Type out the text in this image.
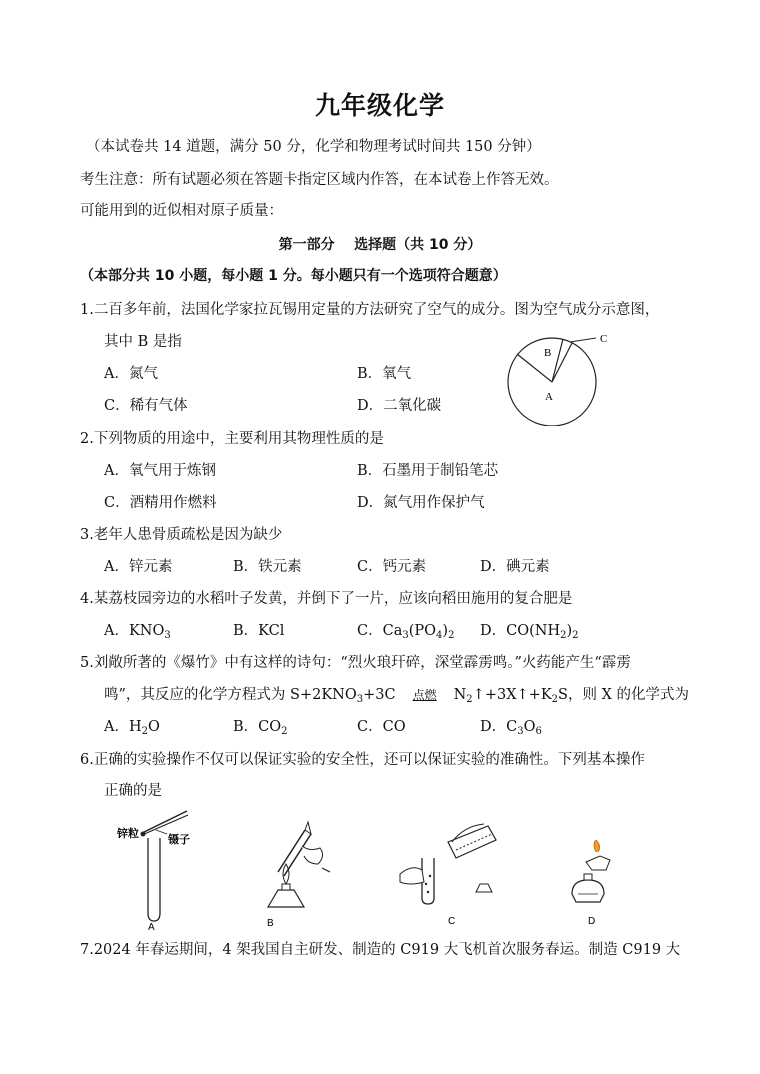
九年级化学
（本试卷共 14 道题，满分 50 分，化学和物理考试时间共 150 分钟）
考生注意：所有试题必须在答题卡指定区域内作答，在本试卷上作答无效。
可能用到的近似相对原子质量：
第一部分    选择题（共 10 分）
（本部分共 10 小题，每小题 1 分。每小题只有一个选项符合题意）
1.二百多年前，法国化学家拉瓦锡用定量的方法研究了空气的成分。图为空气成分示意图，
其中 B 是指
A．氮气	B．氧气
C．稀有气体	D．二氧化碳
B
C
A
2.下列物质的用途中，主要利用其物理性质的是
A．氧气用于炼钢	B．石墨用于制铅笔芯
C．酒精用作燃料	D．氮气用作保护气
3.老年人患骨质疏松是因为缺少
A．锌元素	B．铁元素	C．钙元素	D．碘元素
4.某荔枝园旁边的水稻叶子发黄，并倒下了一片，应该向稻田施用的复合肥是
A．$KNO_3$	B．KCl	C．$Ca_3(PO_4)_2$ D．$CO(NH_2)_2$
5.刘敞所著的《爆竹》中有这样的诗句：“烈火琅玕碎，深堂霹雳鸣。”火药能产生“霹雳
鸣”，其反应的化学方程式为 $S+2KNO_3+3C$ 点燃 $N_2↑+3X↑+K_2S$，则 X 的化学式为
A．$H_2O$	B．$CO_2$	C．CO	D．$C_3O_6$
6.正确的实验操作不仅可以保证实验的安全性，还可以保证实验的准确性。下列基本操作
正确的是
锌粒	镊子
A	B	C	D
7.2024 年春运期间，4 架我国自主研发、制造的 C919 大飞机首次服务春运。制造 C919 大
